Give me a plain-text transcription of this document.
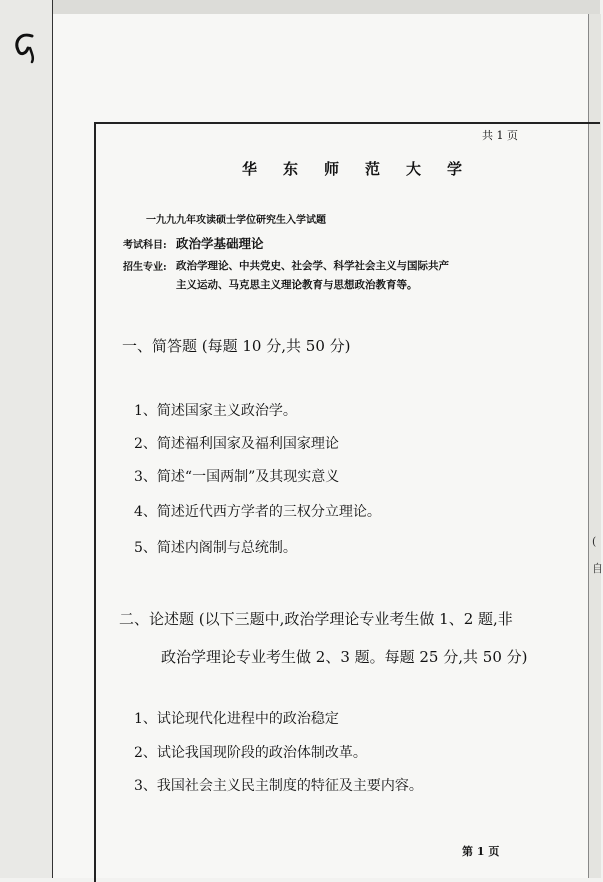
共 1 页
华东师范大学
一九九九年攻读硕士学位研究生入学试题
考试科目: 政治学基础理论
招生专业: 政治学理论、中共党史、社会学、科学社会主义与国际共产
主义运动、马克思主义理论教育与思想政治教育等。
一、简答题 (每题 10 分,共 50 分)
1、简述国家主义政治学。
2、简述福利国家及福利国家理论
3、简述“一国两制”及其现实意义
4、简述近代西方学者的三权分立理论。
5、简述内阁制与总统制。
二、论述题 (以下三题中,政治学理论专业考生做 1、2 题,非
政治学理论专业考生做 2、3 题。每题 25 分,共 50 分)
1、试论现代化进程中的政治稳定
2、试论我国现阶段的政治体制改革。
3、我国社会主义民主制度的特征及主要内容。
第 1 页
(
自
